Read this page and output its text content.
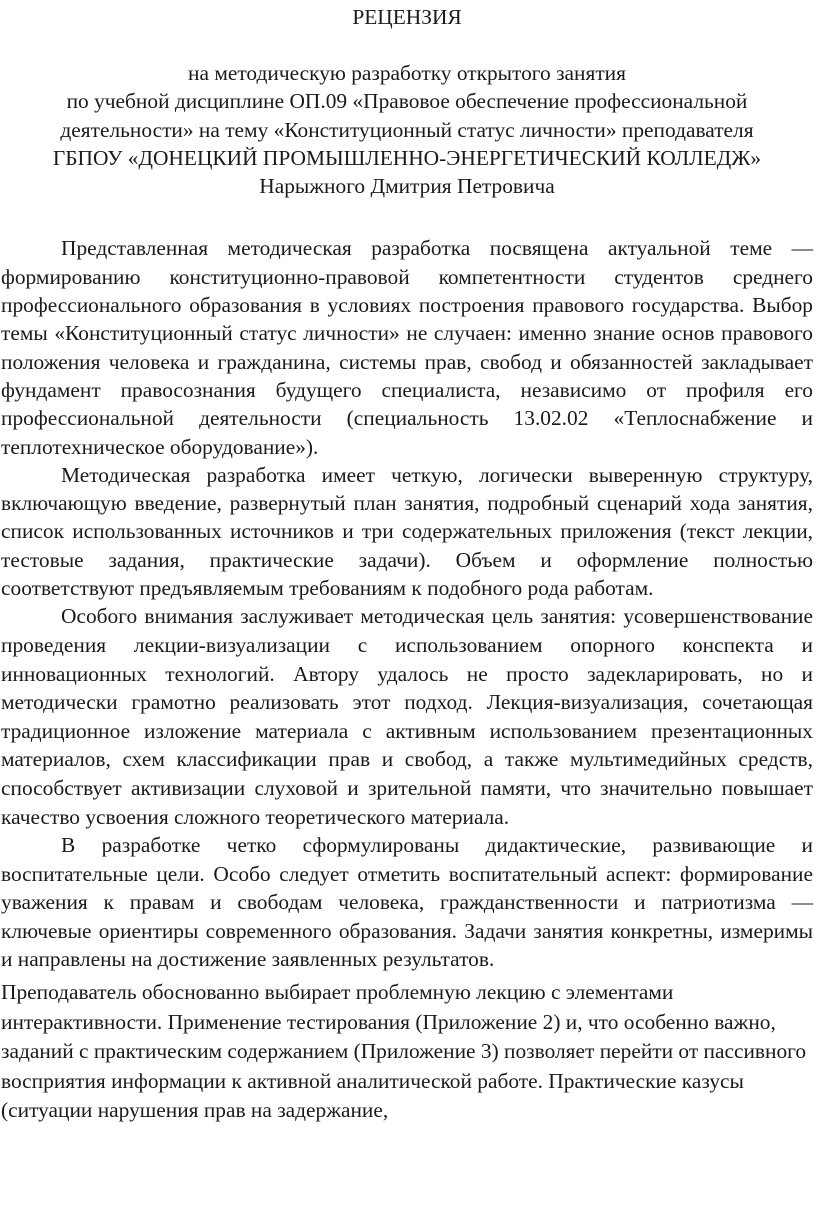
РЕЦЕНЗИЯ

на методическую разработку открытого занятия

по учебной дисциплине ОП.09 «Правовое обеспечение профессиональной

деятельности» на тему «Конституционный статус личности» преподавателя

ГБПОУ «ДОНЕЦКИЙ ПРОМЫШЛЕННО-ЭНЕРГЕТИЧЕСКИЙ КОЛЛЕДЖ»

Нарыжного Дмитрия Петровича

Представленная методическая разработка посвящена актуальной теме — формированию конституционно-правовой компетентности студентов среднего профессионального образования в условиях построения правового государства. Выбор темы «Конституционный статус личности» не случаен: именно знание основ правового положения человека и гражданина, системы прав, свобод и обязанностей закладывает фундамент правосознания будущего специалиста, независимо от профиля его профессиональной деятельности (специальность 13.02.02 «Теплоснабжение и теплотехническое оборудование»).

Методическая разработка имеет четкую, логически выверенную структуру, включающую введение, развернутый план занятия, подробный сценарий хода занятия, список использованных источников и три содержательных приложения (текст лекции, тестовые задания, практические задачи). Объем и оформление полностью соответствуют предъявляемым требованиям к подобного рода работам.

Особого внимания заслуживает методическая цель занятия: усовершенствование проведения лекции-визуализации с использованием опорного конспекта и инновационных технологий. Автору удалось не просто задекларировать, но и методически грамотно реализовать этот подход. Лекция-визуализация, сочетающая традиционное изложение материала с активным использованием презентационных материалов, схем классификации прав и свобод, а также мультимедийных средств, способствует активизации слуховой и зрительной памяти, что значительно повышает качество усвоения сложного теоретического материала.

В разработке четко сформулированы дидактические, развивающие и воспитательные цели. Особо следует отметить воспитательный аспект: формирование уважения к правам и свободам человека, гражданственности и патриотизма — ключевые ориентиры современного образования. Задачи занятия конкретны, измеримы и направлены на достижение заявленных результатов.

Преподаватель обоснованно выбирает проблемную лекцию с элементами интерактивности. Применение тестирования (Приложение 2) и, что особенно важно, заданий с практическим содержанием (Приложение 3) позволяет перейти от пассивного восприятия информации к активной аналитической работе. Практические казусы (ситуации нарушения прав на задержание,
